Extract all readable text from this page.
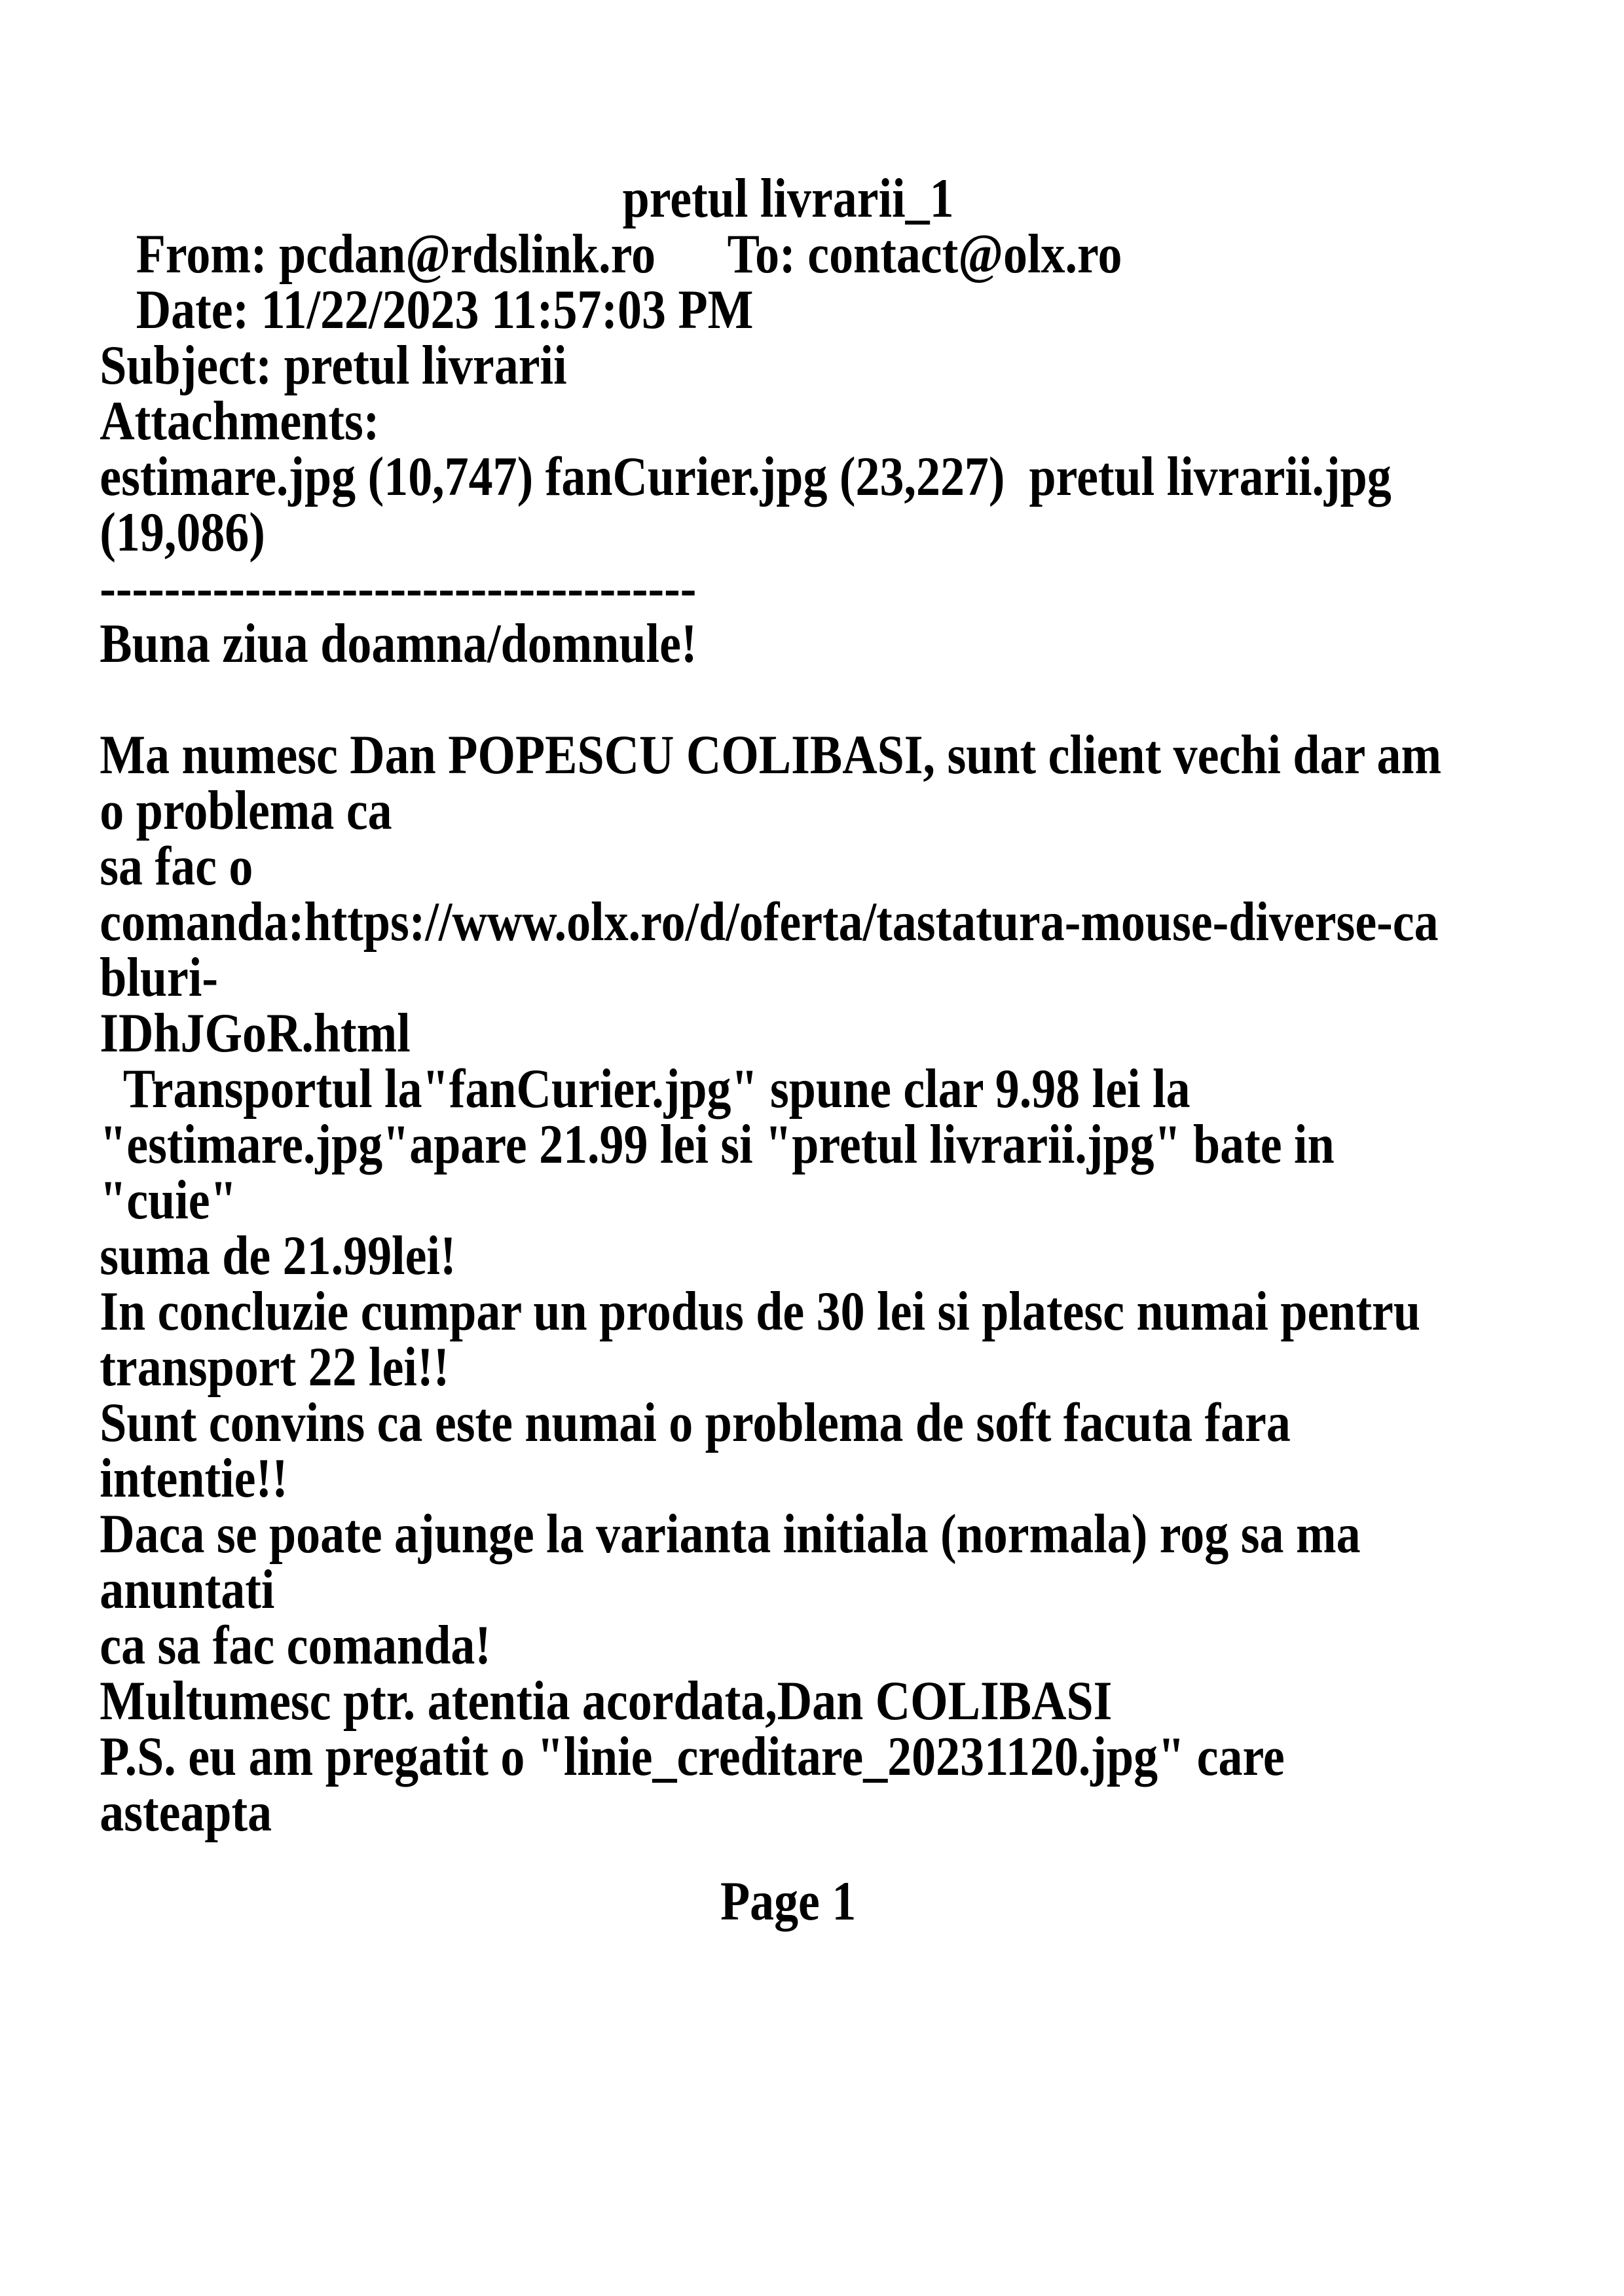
pretul livrarii_1
From: pcdan@rdslink.ro      To: contact@olx.ro
Date: 11/22/2023 11:57:03 PM
Subject: pretul livrarii
Attachments:
estimare.jpg (10,747) fanCurier.jpg (23,227)  pretul livrarii.jpg
(19,086)
-------------------------------------
Buna ziua doamna/domnule!

Ma numesc Dan POPESCU COLIBASI, sunt client vechi dar am
o problema ca
sa fac o
comanda:https://www.olx.ro/d/oferta/tastatura-mouse-diverse-ca
bluri-
IDhJGoR.html
Transportul la"fanCurier.jpg" spune clar 9.98 lei la
"estimare.jpg"apare 21.99 lei si "pretul livrarii.jpg" bate in
"cuie"
suma de 21.99lei!
In concluzie cumpar un produs de 30 lei si platesc numai pentru
transport 22 lei!!
Sunt convins ca este numai o problema de soft facuta fara
intentie!!
Daca se poate ajunge la varianta initiala (normala) rog sa ma
anuntati
ca sa fac comanda!
Multumesc ptr. atentia acordata,Dan COLIBASI
P.S. eu am pregatit o "linie_creditare_20231120.jpg" care
asteapta
Page 1
